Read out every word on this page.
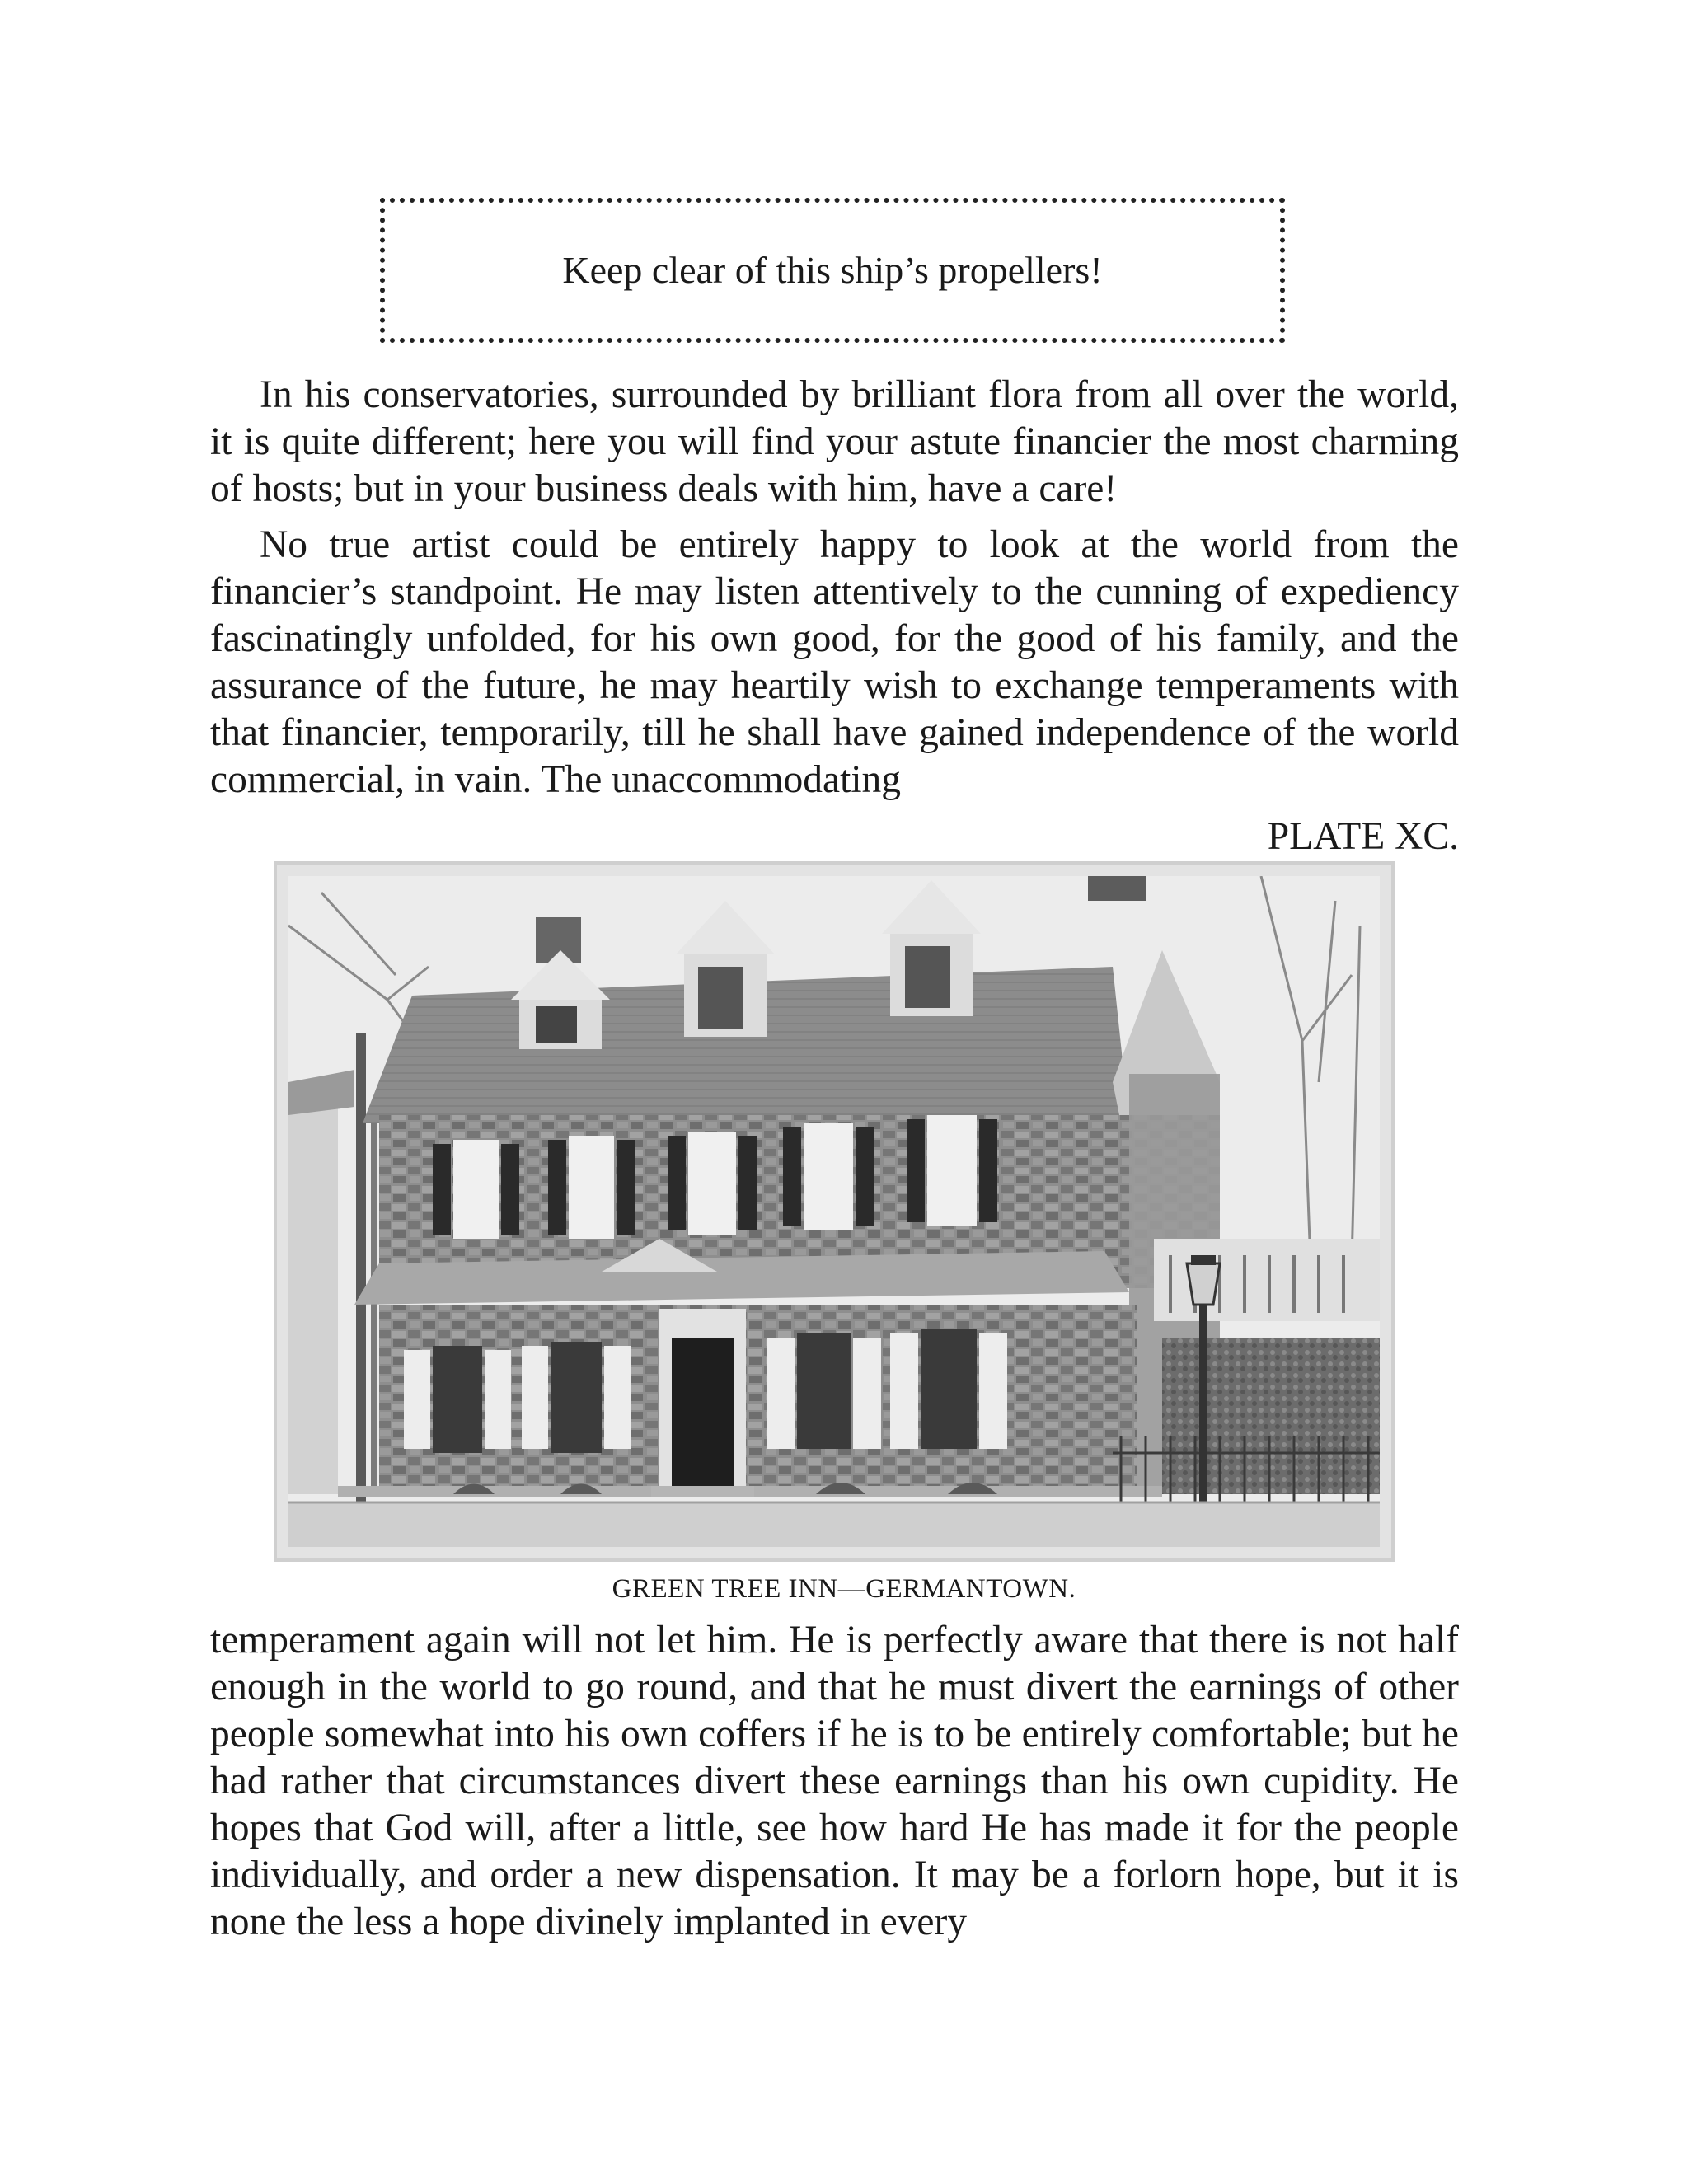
Keep clear of this ship’s propellers!

In his conservatories, surrounded by brilliant flora from all over the world, it is quite different; here you will find your astute financier the most charming of hosts; but in your business deals with him, have a care!

No true artist could be entirely happy to look at the world from the financier’s standpoint. He may listen attentively to the cunning of expediency fascinatingly unfolded, for his own good, for the good of his family, and the assurance of the future, he may heartily wish to exchange temperaments with that financier, temporarily, till he shall have gained independence of the world commercial, in vain. The unaccommodating

PLATE XC.
GREEN TREE INN—GERMANTOWN.

temperament again will not let him. He is perfectly aware that there is not half enough in the world to go round, and that he must divert the earnings of other people somewhat into his own coffers if he is to be entirely comfortable; but he had rather that circumstances divert these earnings than his own cupidity. He hopes that God will, after a little, see how hard He has made it for the people individually, and order a new dispensation. It may be a forlorn hope, but it is none the less a hope divinely implanted in every
